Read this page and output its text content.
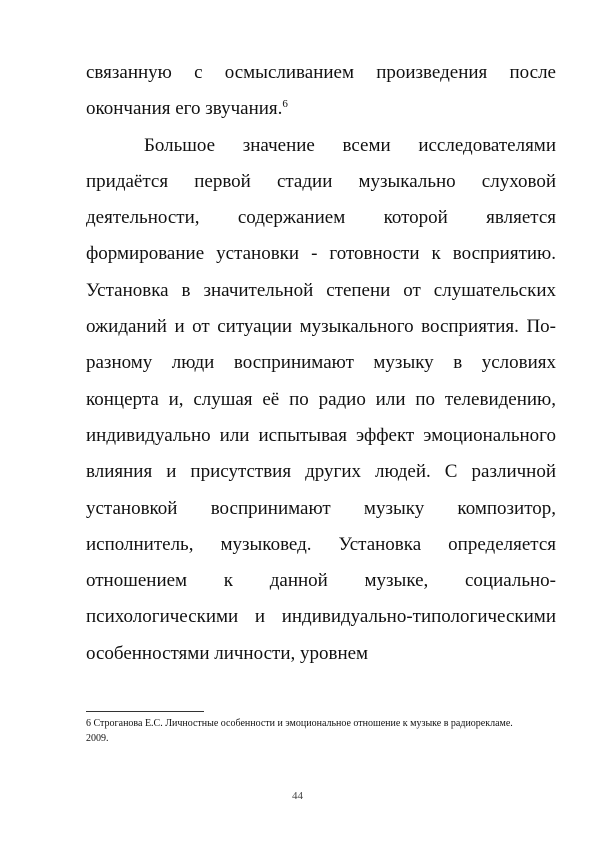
связанную с осмысливанием произведения после окончания его звучания.$^6$

Большое значение всеми исследователями придаётся первой стадии музыкально слуховой деятельности, содержанием которой является формирование установки - готовности к восприятию. Установка в значительной степени от слушательских ожиданий и от ситуации музыкального восприятия. По-разному люди воспринимают музыку в условиях концерта и, слушая её по радио или по телевидению, индивидуально или испытывая эффект эмоционального влияния и присутствия других людей. С различной установкой воспринимают музыку композитор, исполнитель, музыковед. Установка определяется отношением к данной музыке, социально-психологическими и индивидуально-типологическими особенностями личности, уровнем

6 Строганова Е.С. Личностные особенности и эмоциональное отношение к музыке в радиорекламе. 2009.
44
